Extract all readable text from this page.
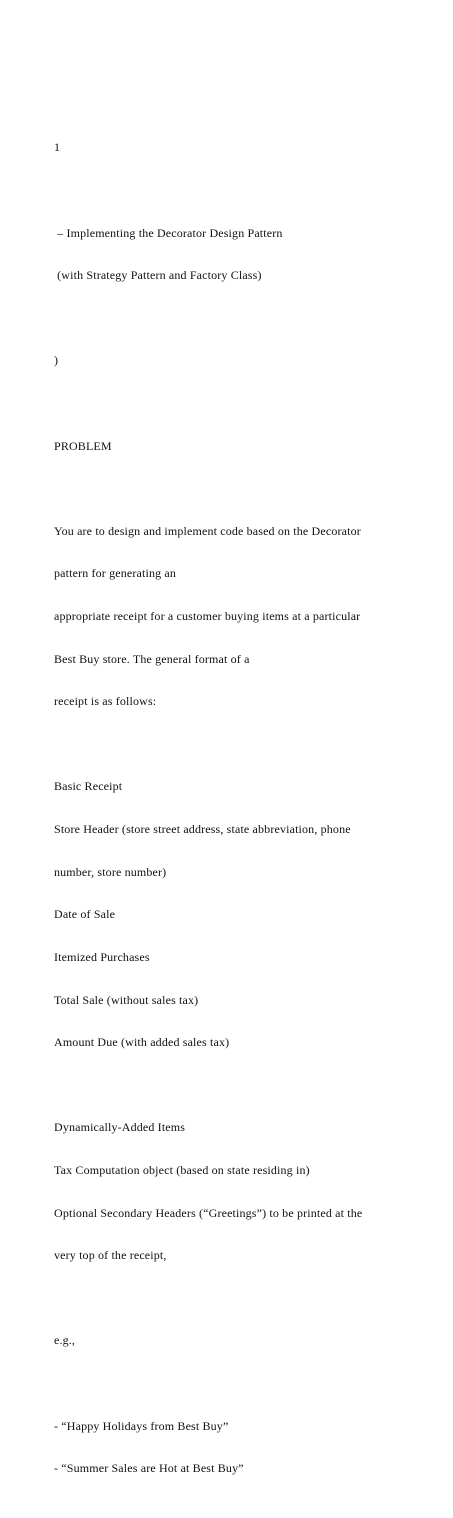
1

– Implementing the Decorator Design Pattern

(with Strategy Pattern and Factory Class)

)

PROBLEM

You are to design and implement code based on the Decorator

pattern for generating an

appropriate receipt for a customer buying items at a particular

Best Buy store. The general format of a

receipt is as follows:

Basic Receipt

Store Header (store street address, state abbreviation, phone

number, store number)

Date of Sale

Itemized Purchases

Total Sale (without sales tax)

Amount Due (with added sales tax)

Dynamically-Added Items

Tax Computation object (based on state residing in)

Optional Secondary Headers (“Greetings”) to be printed at the

very top of the receipt,

e.g.,

- “Happy Holidays from Best Buy”

- “Summer Sales are Hot at Best Buy”
